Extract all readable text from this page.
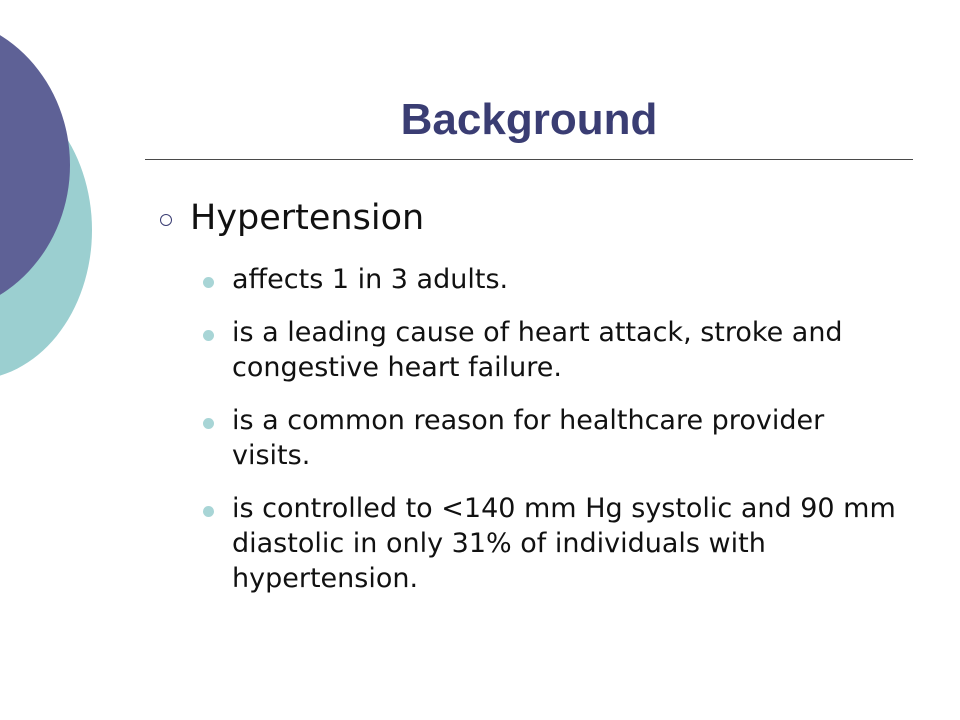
Background
Hypertension
affects 1 in 3 adults.
is a leading cause of heart attack, stroke and congestive heart failure.
is a common reason for healthcare provider visits.
is controlled to <140 mm Hg systolic and 90 mm diastolic in only 31% of individuals with hypertension.
